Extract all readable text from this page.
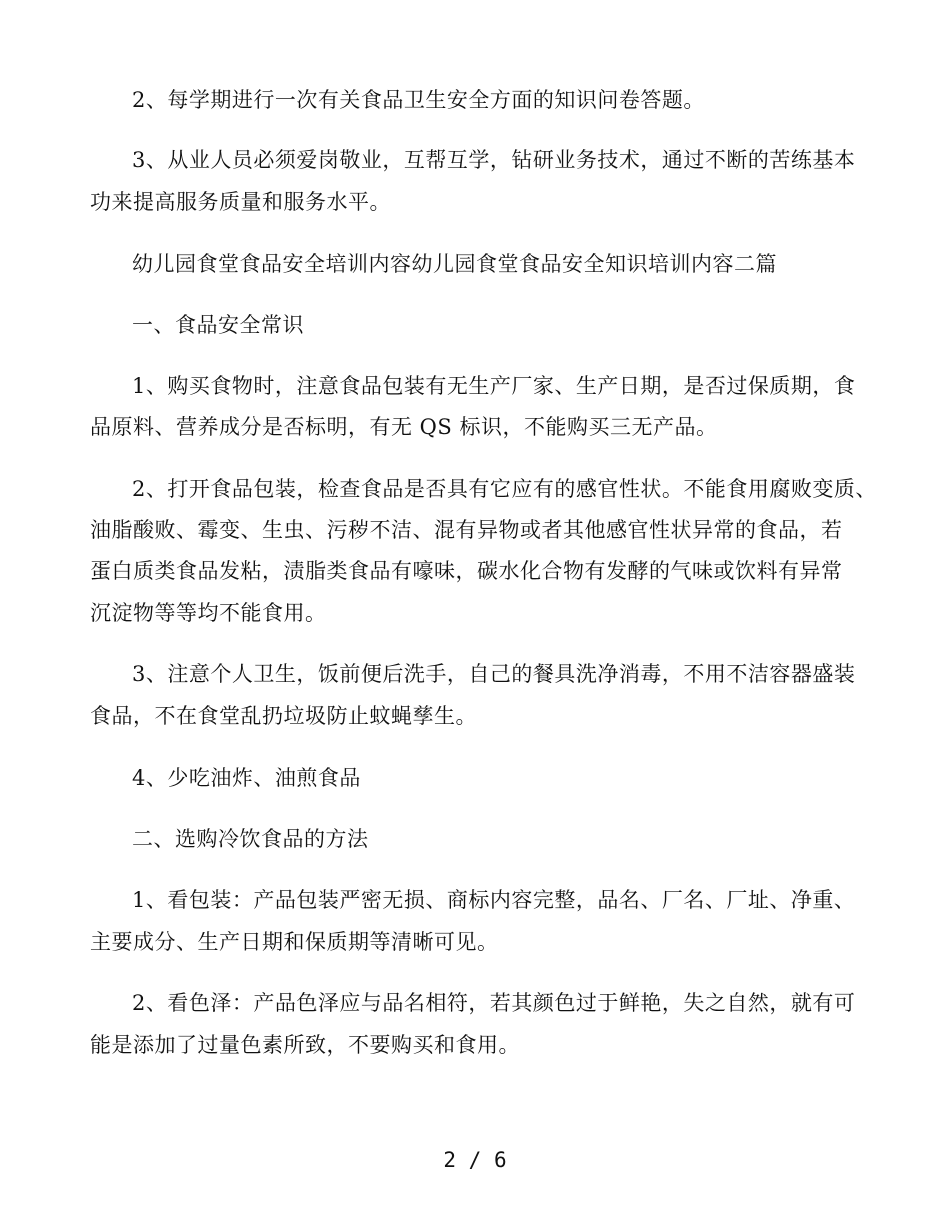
2、每学期进行一次有关食品卫生安全方面的知识问卷答题。
3、从业人员必须爱岗敬业，互帮互学，钻研业务技术，通过不断的苦练基本
功来提高服务质量和服务水平。
幼儿园食堂食品安全培训内容幼儿园食堂食品安全知识培训内容二篇
一、食品安全常识
1、购买食物时，注意食品包装有无生产厂家、生产日期，是否过保质期，食
品原料、营养成分是否标明，有无 QS 标识，不能购买三无产品。
2、打开食品包装，检查食品是否具有它应有的感官性状。不能食用腐败变质、
油脂酸败、霉变、生虫、污秽不洁、混有异物或者其他感官性状异常的食品，若
蛋白质类食品发粘，渍脂类食品有嚎味，碳水化合物有发酵的气味或饮料有异常
沉淀物等等均不能食用。
3、注意个人卫生，饭前便后洗手，自己的餐具洗净消毒，不用不洁容器盛装
食品，不在食堂乱扔垃圾防止蚊蝇孳生。
4、少吃油炸、油煎食品
二、选购冷饮食品的方法
1、看包装：产品包装严密无损、商标内容完整，品名、厂名、厂址、净重、
主要成分、生产日期和保质期等清晰可见。
2、看色泽：产品色泽应与品名相符，若其颜色过于鲜艳，失之自然，就有可
能是添加了过量色素所致，不要购买和食用。
2 / 6
